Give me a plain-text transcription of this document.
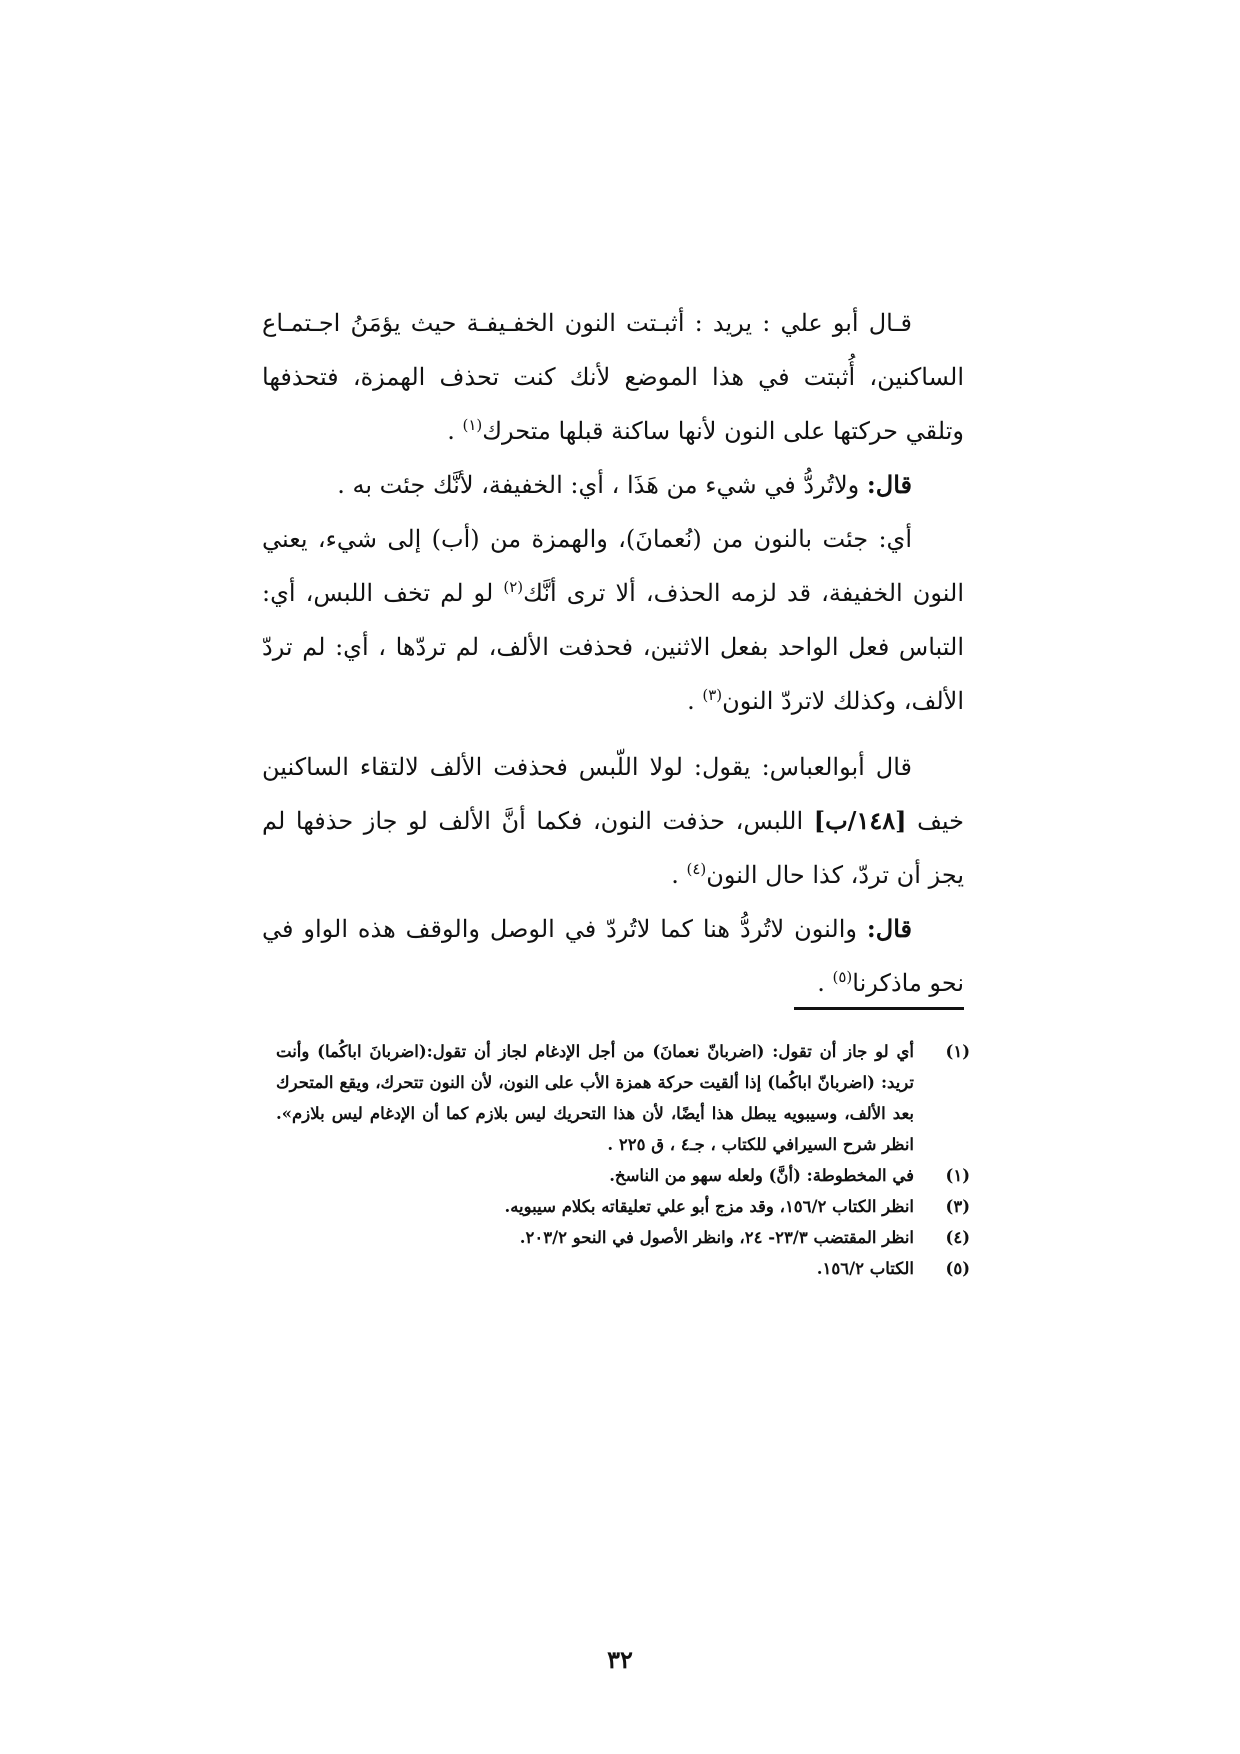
قـال أبو علي : يريد : أثبـتت النون الخفـيفـة حيث يؤمَنُ اجـتمـاع الساكنين، أُثبتت في هذا الموضع لأنك كنت تحذف الهمزة، فتحذفها وتلقي حركتها على النون لأنها ساكنة قبلها متحرك$^{(١)}$ .

قال: ولاتُردُّ في شيء من هَذَا ، أي: الخفيفة، لأنَّك جئت به .

أي: جئت بالنون من (نُعمانَ)، والهمزة من (أب) إلى شيء، يعني النون الخفيفة، قد لزمه الحذف، ألا ترى أنَّك$^{(٢)}$ لو لم تخف اللبس، أي: التباس فعل الواحد بفعل الاثنين، فحذفت الألف، لم تردّها ، أي: لم تردّ الألف، وكذلك لاتردّ النون$^{(٣)}$ .

قال أبوالعباس: يقول: لولا اللّبس فحذفت الألف لالتقاء الساكنين خيف [١٤٨/ب] اللبس، حذفت النون، فكما أنَّ الألف لو جاز حذفها لم يجز أن تردّ، كذا حال النون$^{(٤)}$ .

قال: والنون لاتُردُّ هنا كما لاتُردّ في الوصل والوقف هذه الواو في نحو ماذكرنا$^{(٥)}$ .

(١)
أي لو جاز أن تقول: (اضربانّ نعمانَ) من أجل الإدغام لجاز أن تقول:(اضربانَ اباكُما) وأنت تريد: (اضربانّ اباكُما) إذا ألقيت حركة همزة الأب على النون، لأن النون تتحرك، ويقع المتحرك بعد الألف، وسيبويه يبطل هذا أيضًا، لأن هذا التحريك ليس بلازم كما أن الإدغام ليس بلازم». انظر شرح السيرافي للكتاب ، جـ٤ ، ق ٢٢٥ .
(١)
في المخطوطة: (أنَّ) ولعله سهو من الناسخ.
(٣)
انظر الكتاب ١٥٦/٢، وقد مزج أبو علي تعليقاته بكلام سيبويه.
(٤)
انظر المقتضب ٢٣/٣- ٢٤، وانظر الأصول في النحو ٢٠٣/٢.
(٥)
الكتاب ١٥٦/٢.
٣٢
